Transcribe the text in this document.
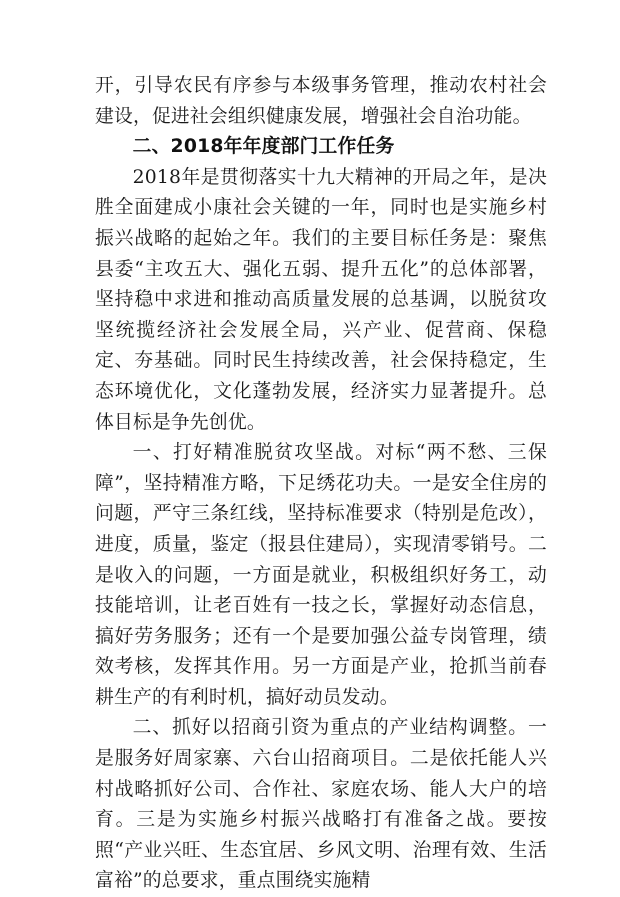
开，引导农民有序参与本级事务管理，推动农村社会建设，促进社会组织健康发展，增强社会自治功能。

二、2018年年度部门工作任务

2018年是贯彻落实十九大精神的开局之年，是决胜全面建成小康社会关键的一年，同时也是实施乡村振兴战略的起始之年。我们的主要目标任务是：聚焦县委“主攻五大、强化五弱、提升五化”的总体部署，坚持稳中求进和推动高质量发展的总基调，以脱贫攻坚统揽经济社会发展全局，兴产业、促营商、保稳定、夯基础。同时民生持续改善，社会保持稳定，生态环境优化，文化蓬勃发展，经济实力显著提升。总体目标是争先创优。

一、打好精准脱贫攻坚战。对标“两不愁、三保障”，坚持精准方略，下足绣花功夫。一是安全住房的问题，严守三条红线，坚持标准要求（特别是危改），进度，质量，鉴定（报县住建局），实现清零销号。二是收入的问题，一方面是就业，积极组织好务工，动技能培训，让老百姓有一技之长，掌握好动态信息，搞好劳务服务；还有一个是要加强公益专岗管理，绩效考核，发挥其作用。另一方面是产业，抢抓当前春耕生产的有利时机，搞好动员发动。

二、抓好以招商引资为重点的产业结构调整。一是服务好周家寨、六台山招商项目。二是依托能人兴村战略抓好公司、合作社、家庭农场、能人大户的培育。三是为实施乡村振兴战略打有准备之战。要按照“产业兴旺、生态宜居、乡风文明、治理有效、生活富裕”的总要求，重点围绕实施精
